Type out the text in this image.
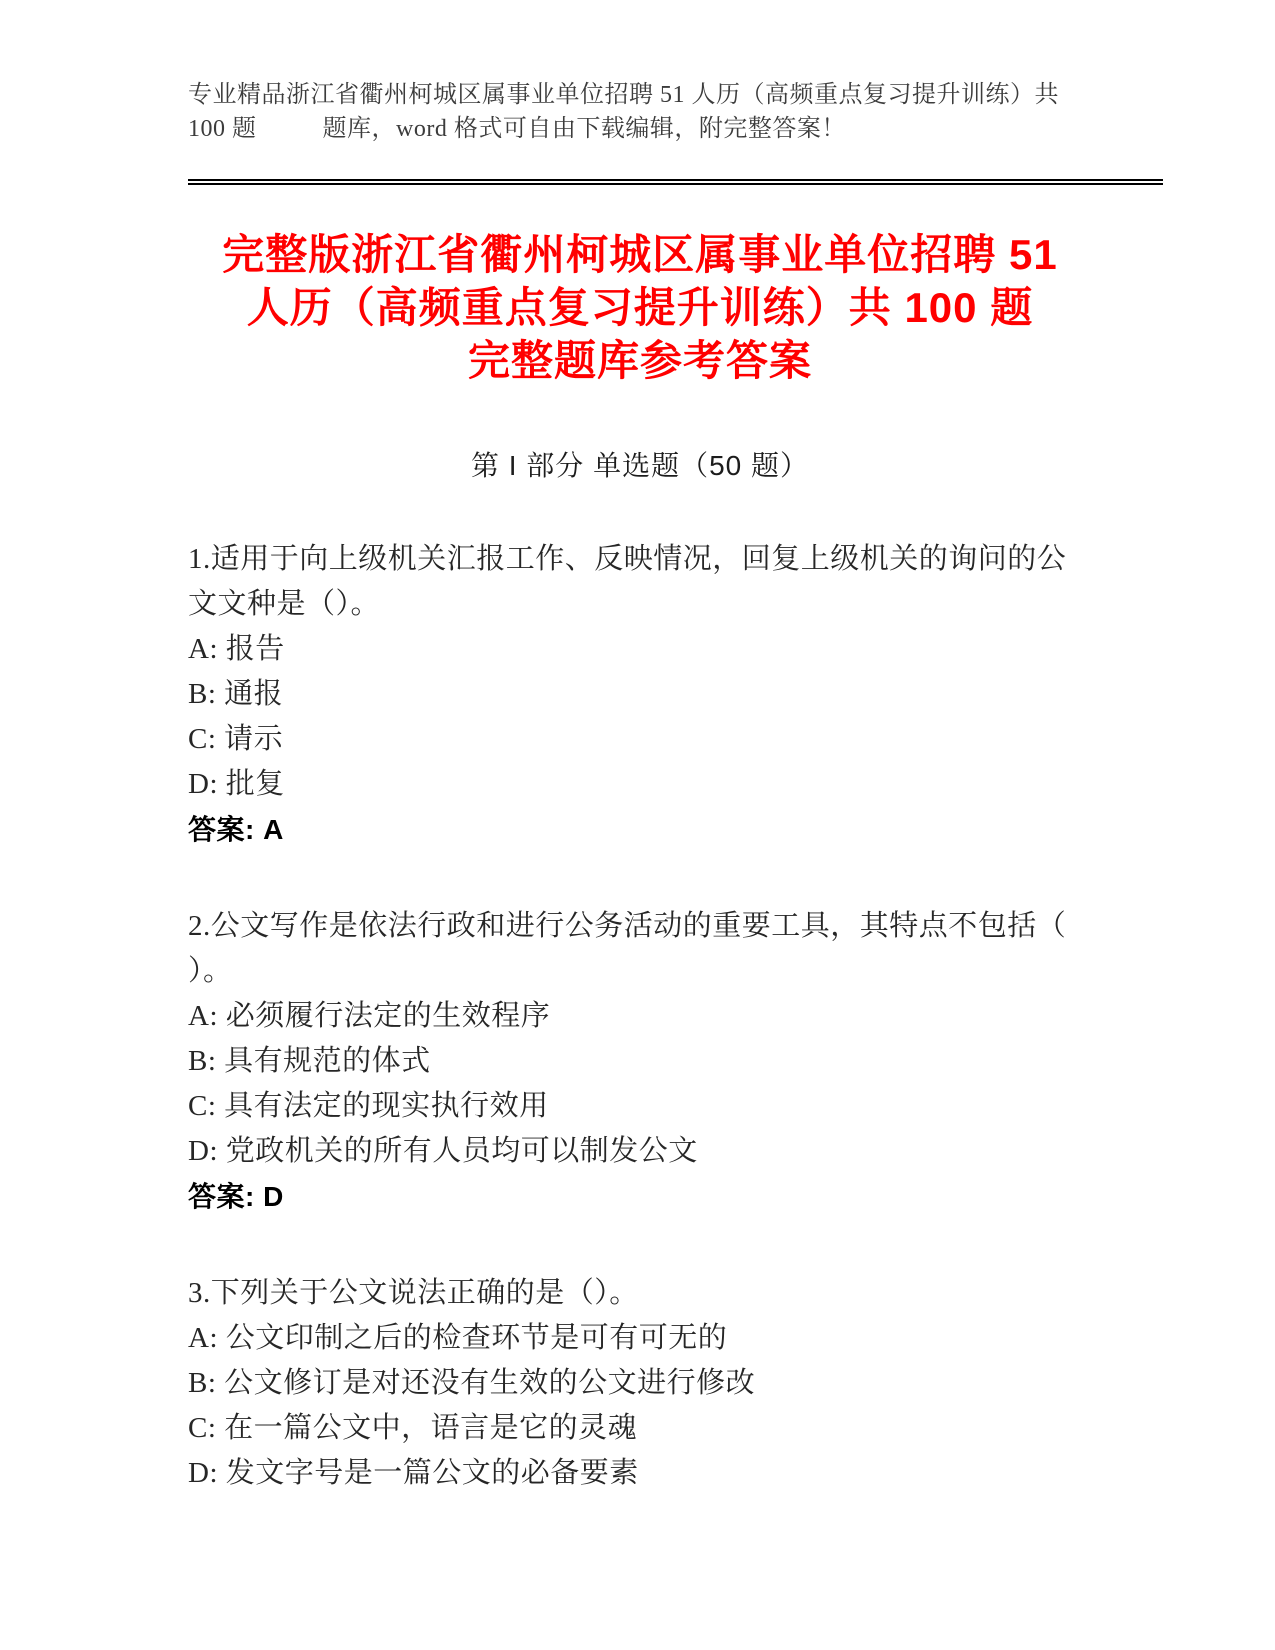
专业精品浙江省衢州柯城区属事业单位招聘 51 人历（高频重点复习提升训练）共
100 题	题库，word 格式可自由下载编辑，附完整答案！
完整版浙江省衢州柯城区属事业单位招聘 51
人历（高频重点复习提升训练）共 100 题
完整题库参考答案
第 I 部分 单选题（50 题）
1.适用于向上级机关汇报工作、反映情况，回复上级机关的询问的公
文文种是（）。
A: 报告
B: 通报
C: 请示
D: 批复
答案: A
2.公文写作是依法行政和进行公务活动的重要工具，其特点不包括（
）。
A: 必须履行法定的生效程序
B: 具有规范的体式
C: 具有法定的现实执行效用
D: 党政机关的所有人员均可以制发公文
答案: D
3.下列关于公文说法正确的是（）。
A: 公文印制之后的检查环节是可有可无的
B: 公文修订是对还没有生效的公文进行修改
C: 在一篇公文中，语言是它的灵魂
D: 发文字号是一篇公文的必备要素
